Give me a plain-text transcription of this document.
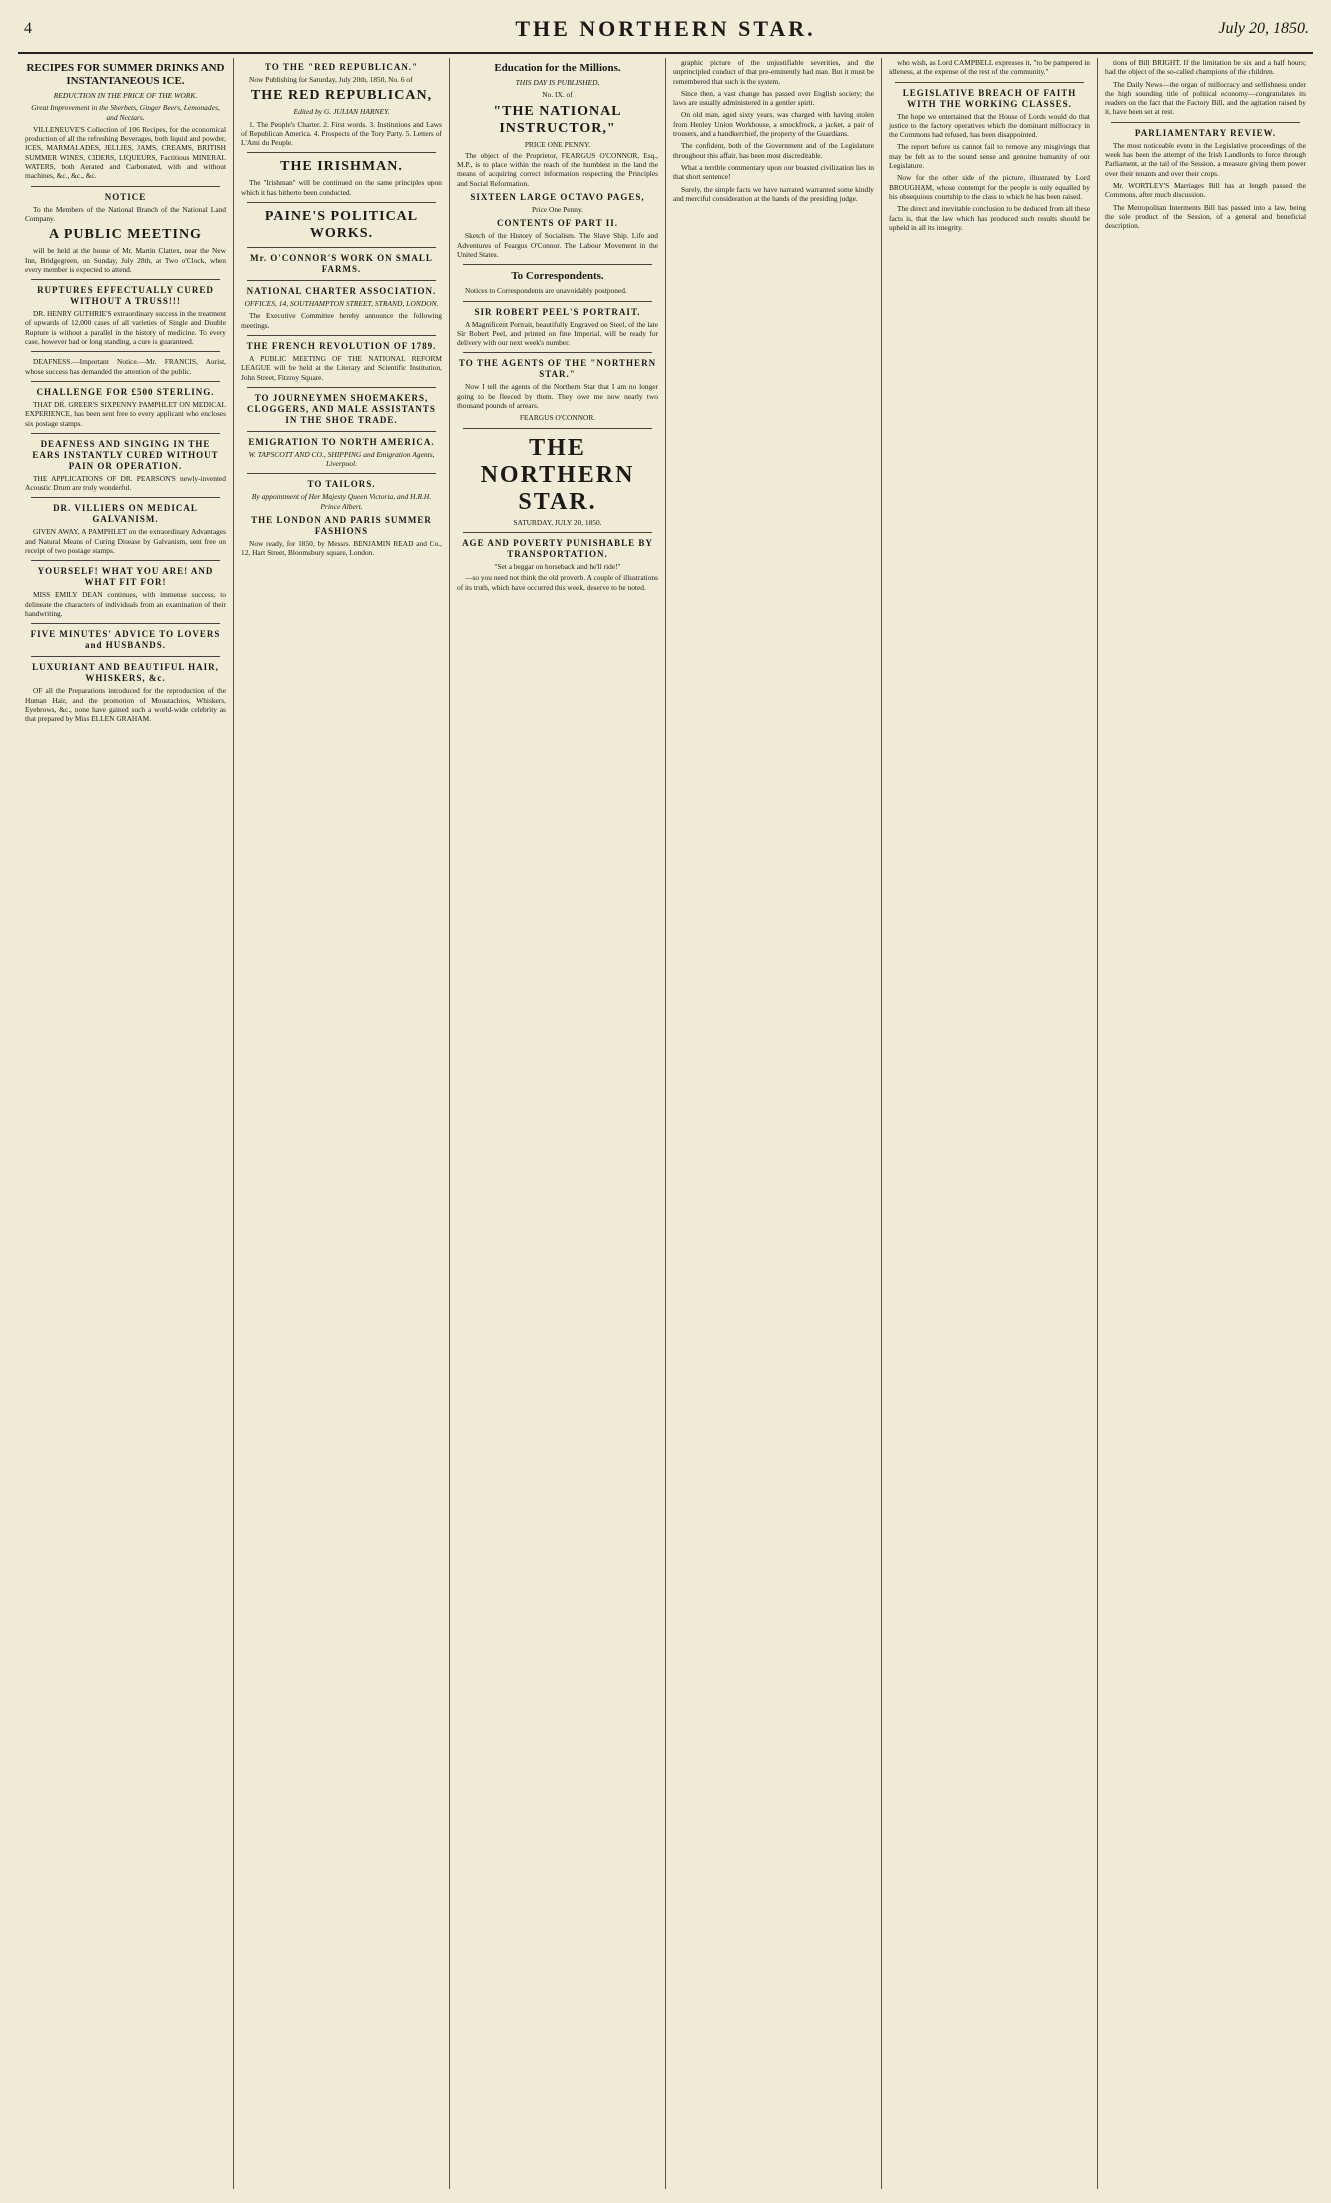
4	THE NORTHERN STAR.	July 20, 1850.
RECIPES FOR SUMMER DRINKS AND INSTANTANEOUS ICE.
REDUCTION IN THE PRICE OF THE WORK.
Great Improvement in the Sherbets, Ginger Beers, Lemonades, and Nectars.

VILLENEUVE'S Collection of 106 Recipes, for the economical production of all the refreshing Beverages, both liquid and powder, ICES, MARMALADES, JELLIES, JAMS, CREAMS, BRITISH SUMMER WINES, CIDERS, LIQUEURS, Factitious MINERAL WATERS, both Aerated and Carbonated, with and without machines, &c., &c., &c.

NOTICE

To the Members of the National Branch of the National Land Company.

A PUBLIC MEETING

will be held at the house of Mr. Martin Clattex, near the New Inn, Bridgegreen, on Sunday, July 28th, at Two o'Clock, when every member is expected to attend.

RUPTURES EFFECTUALLY CURED WITHOUT A TRUSS!!!

DR. HENRY GUTHRIE'S extraordinary success in the treatment of upwards of 12,000 cases of all varieties of Single and Double Rupture is without a parallel in the history of medicine. To every case, however bad or long standing, a cure is guaranteed.

DEAFNESS.—Important Notice.—Mr. FRANCIS, Aurist, whose success has demanded the attention of the public.

CHALLENGE FOR £500 STERLING.

THAT DR. GREER'S SIXPENNY PAMPHLET ON MEDICAL EXPERIENCE, has been sent free to every applicant who encloses six postage stamps.

DEAFNESS AND SINGING IN THE EARS INSTANTLY CURED WITHOUT PAIN OR OPERATION.

THE APPLICATIONS OF DR. PEARSON'S newly-invented Acoustic Drum are truly wonderful.

DR. VILLIERS ON MEDICAL GALVANISM.

GIVEN AWAY, A PAMPHLET on the extraordinary Advantages and Natural Means of Curing Disease by Galvanism, sent free on receipt of two postage stamps.

YOURSELF! WHAT YOU ARE! AND WHAT FIT FOR!

MISS EMILY DEAN continues, with immense success, to delineate the characters of individuals from an examination of their handwriting.

FIVE MINUTES' ADVICE TO LOVERS and HUSBANDS.
LUXURIANT AND BEAUTIFUL HAIR, WHISKERS, &c.

OF all the Preparations introduced for the reproduction of the Human Hair, and the promotion of Moustachios, Whiskers, Eyebrows, &c., none have gained such a world-wide celebrity as that prepared by Miss ELLEN GRAHAM.

TO THE "RED REPUBLICAN."

Now Publishing for Saturday, July 20th, 1850, No. 6 of

THE RED REPUBLICAN,
Edited by G. JULIAN HARNEY.

1. The People's Charter. 2. First words. 3. Institutions and Laws of Republican America. 4. Prospects of the Tory Party. 5. Letters of L'Ami du Peuple.

THE IRISHMAN.

The "Irishman" will be continued on the same principles upon which it has hitherto been conducted.

PAINE'S POLITICAL WORKS.
Mr. O'CONNOR'S WORK ON SMALL FARMS.
NATIONAL CHARTER ASSOCIATION.
OFFICES, 14, SOUTHAMPTON STREET, STRAND, LONDON.

The Executive Committee hereby announce the following meetings.

THE FRENCH REVOLUTION OF 1789.

A PUBLIC MEETING OF THE NATIONAL REFORM LEAGUE will be held at the Literary and Scientific Institution, John Street, Fitzroy Square.

TO JOURNEYMEN SHOEMAKERS, CLOGGERS, AND MALE ASSISTANTS IN THE SHOE TRADE.
EMIGRATION TO NORTH AMERICA.
W. TAPSCOTT AND CO., SHIPPING and Emigration Agents, Liverpool.
TO TAILORS.
By appointment of Her Majesty Queen Victoria, and H.R.H. Prince Albert.
THE LONDON AND PARIS SUMMER FASHIONS

Now ready, for 1850, by Messrs. BENJAMIN READ and Co., 12, Hart Street, Bloomsbury square, London.

Education for the Millions.
THIS DAY IS PUBLISHED,
No. IX. of
"THE NATIONAL INSTRUCTOR,"
PRICE ONE PENNY.

The object of the Proprietor, FEARGUS O'CONNOR, Esq., M.P., is to place within the reach of the humblest in the land the means of acquiring correct information respecting the Principles and Social Reformation.

SIXTEEN LARGE OCTAVO PAGES,
Price One Penny.
CONTENTS OF PART II.

Sketch of the History of Socialism. The Slave Ship. Life and Adventures of Feargus O'Connor. The Labour Movement in the United States.

To Correspondents.

Notices to Correspondents are unavoidably postponed.

SIR ROBERT PEEL'S PORTRAIT.

A Magnificent Portrait, beautifully Engraved on Steel, of the late Sir Robert Peel, and printed on fine Imperial, will be ready for delivery with our next week's number.

TO THE AGENTS OF THE "NORTHERN STAR."

Now I tell the agents of the Northern Star that I am no longer going to be fleeced by them. They owe me now nearly two thousand pounds of arrears.

FEARGUS O'CONNOR.
THE NORTHERN STAR.
SATURDAY, JULY 20, 1850.
AGE AND POVERTY PUNISHABLE BY TRANSPORTATION.
"Set a beggar on horseback and he'll ride!"

—so you need not think the old proverb. A couple of illustrations of its truth, which have occurred this week, deserve to be noted.

graphic picture of the unjustifiable severities, and the unprincipled conduct of that pre-eminently bad man. But it must be remembered that such is the system.

Since then, a vast change has passed over English society; the laws are usually administered in a gentler spirit.

On old man, aged sixty years, was charged with having stolen from Henley Union Workhouse, a smockfrock, a jacket, a pair of trousers, and a handkerchief, the property of the Guardians.

The confident, both of the Government and of the Legislature throughout this affair, has been most discreditable.

What a terrible commentary upon our boasted civilization lies in that short sentence!

Surely, the simple facts we have narrated warranted some kindly and merciful consideration at the hands of the presiding judge.

who wish, as Lord CAMPBELL expresses it, "to be pampered in idleness, at the expense of the rest of the community."

LEGISLATIVE BREACH OF FAITH WITH THE WORKING CLASSES.

The hope we entertained that the House of Lords would do that justice to the factory operatives which the dominant millocracy in the Commons had refused, has been disappointed.

The report before us cannot fail to remove any misgivings that may be felt as to the sound sense and genuine humanity of our Legislature.

Now for the other side of the picture, illustrated by Lord BROUGHAM, whose contempt for the people is only equalled by his obsequious courtship to the class to which he has been raised.

The direct and inevitable conclusion to be deduced from all these facts is, that the law which has produced such results should be upheld in all its integrity.

tions of Bill BRIGHT. If the limitation be six and a half hours; had the object of the so-called champions of the children.

The Daily News—the organ of millocracy and selfishness under the high sounding title of political economy—congratulates its readers on the fact that the Factory Bill, and the agitation raised by it, have been set at rest.

PARLIAMENTARY REVIEW.

The most noticeable event in the Legislative proceedings of the week has been the attempt of the Irish Landlords to force through Parliament, at the tail of the Session, a measure giving them power over their tenants and over their crops.

Mr. WORTLEY'S Marriages Bill has at length passed the Commons, after much discussion.

The Metropolitan Interments Bill has passed into a law, being the sole product of the Session, of a general and beneficial description.
